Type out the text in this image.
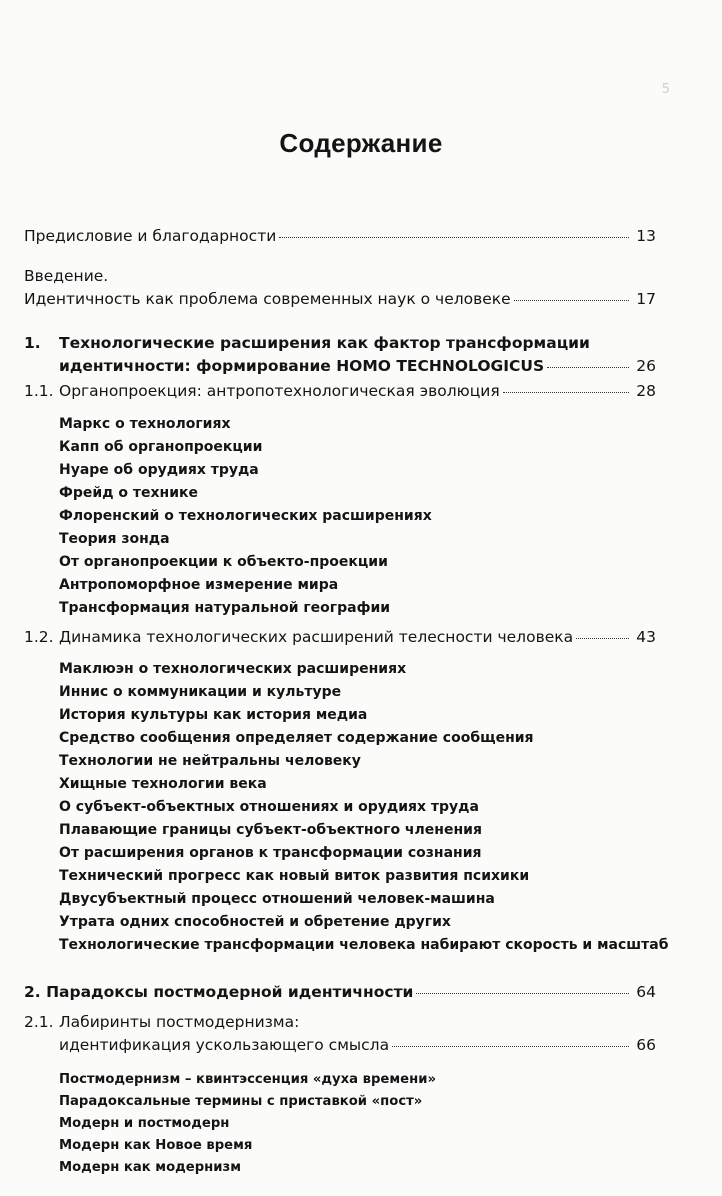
5
Содержание
Предисловие и благодарности	13
Введение.
Идентичность как проблема современных наук о человеке	17
1. Технологические расширения как фактор трансформации
идентичности: формирование HOMO TECHNOLOGICUS	26
1.1. Органопроекция: антропотехнологическая эволюция	28
Маркс о технологиях
Капп об органопроекции
Нуаре об орудиях труда
Фрейд о технике
Флоренский о технологических расширениях
Теория зонда
От органопроекции к объекто-проекции
Антропоморфное измерение мира
Трансформация натуральной географии
1.2. Динамика технологических расширений телесности человека	43
Маклюэн о технологических расширениях
Иннис о коммуникации и культуре
История культуры как история медиа
Средство сообщения определяет содержание сообщения
Технологии не нейтральны человеку
Хищные технологии века
О субъект-объектных отношениях и орудиях труда
Плавающие границы субъект-объектного членения
От расширения органов к трансформации сознания
Технический прогресс как новый виток развития психики
Двусубъектный процесс отношений человек-машина
Утрата одних способностей и обретение других
Технологические трансформации человека набирают скорость и масштаб
2. Парадоксы постмодерной идентичности	64
2.1. Лабиринты постмодернизма:
идентификация ускользающего смысла	66
Постмодернизм – квинтэссенция «духа времени»
Парадоксальные термины с приставкой «пост»
Модерн и постмодерн
Модерн как Новое время
Модерн как модернизм
